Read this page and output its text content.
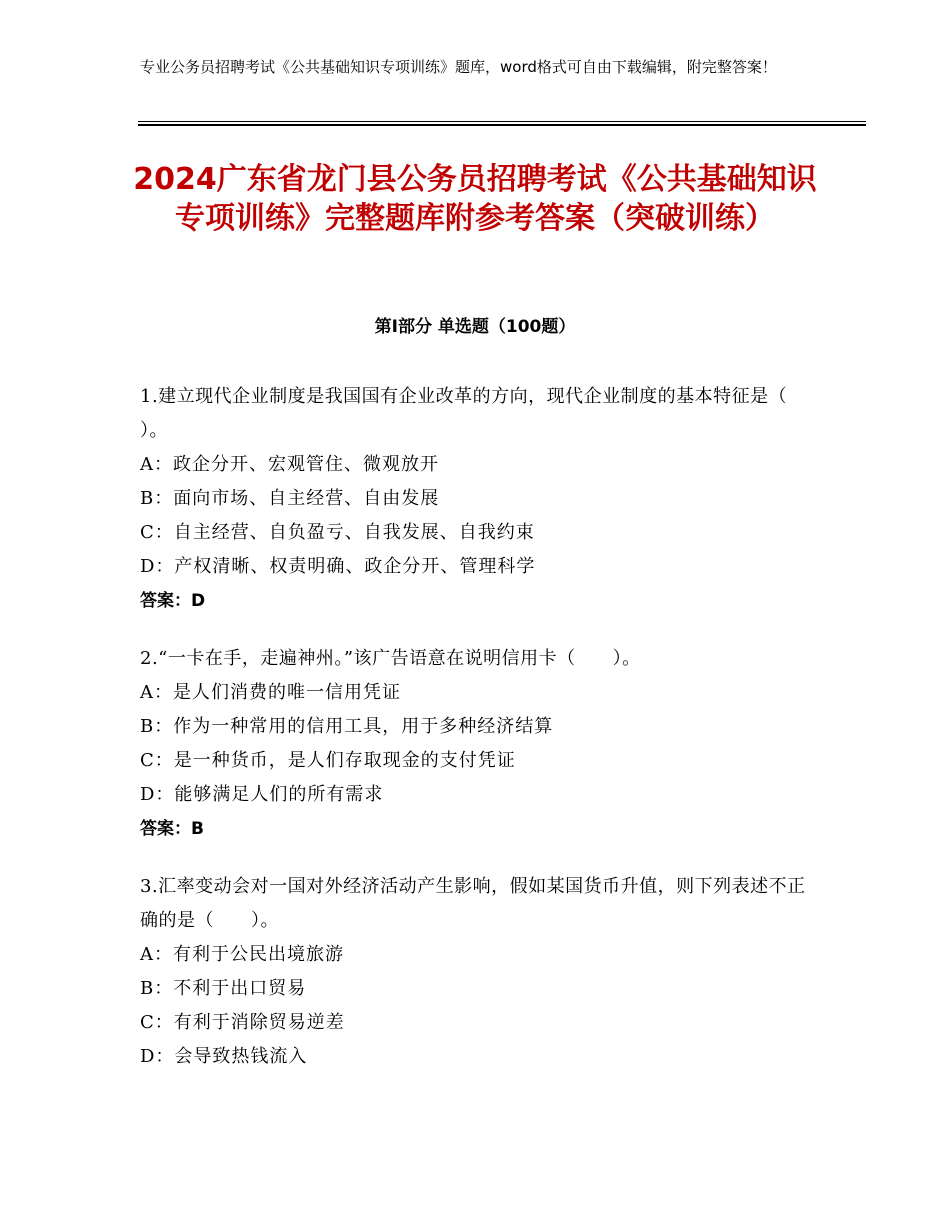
专业公务员招聘考试《公共基础知识专项训练》题库，word格式可自由下载编辑，附完整答案！
2024广东省龙门县公务员招聘考试《公共基础知识专项训练》完整题库附参考答案（突破训练）
第Ⅰ部分 单选题（100题）

1.建立现代企业制度是我国国有企业改革的方向，现代企业制度的基本特征是（ ）。

A：政企分开、宏观管住、微观放开

B：面向市场、自主经营、自由发展

C：自主经营、自负盈亏、自我发展、自我约束

D：产权清晰、权责明确、政企分开、管理科学

答案：D

2.“一卡在手，走遍神州。”该广告语意在说明信用卡（　　）。

A：是人们消费的唯一信用凭证

B：作为一种常用的信用工具，用于多种经济结算

C：是一种货币，是人们存取现金的支付凭证

D：能够满足人们的所有需求

答案：B

3.汇率变动会对一国对外经济活动产生影响，假如某国货币升值，则下列表述不正确的是（　　）。

A：有利于公民出境旅游

B：不利于出口贸易

C：有利于消除贸易逆差

D：会导致热钱流入
